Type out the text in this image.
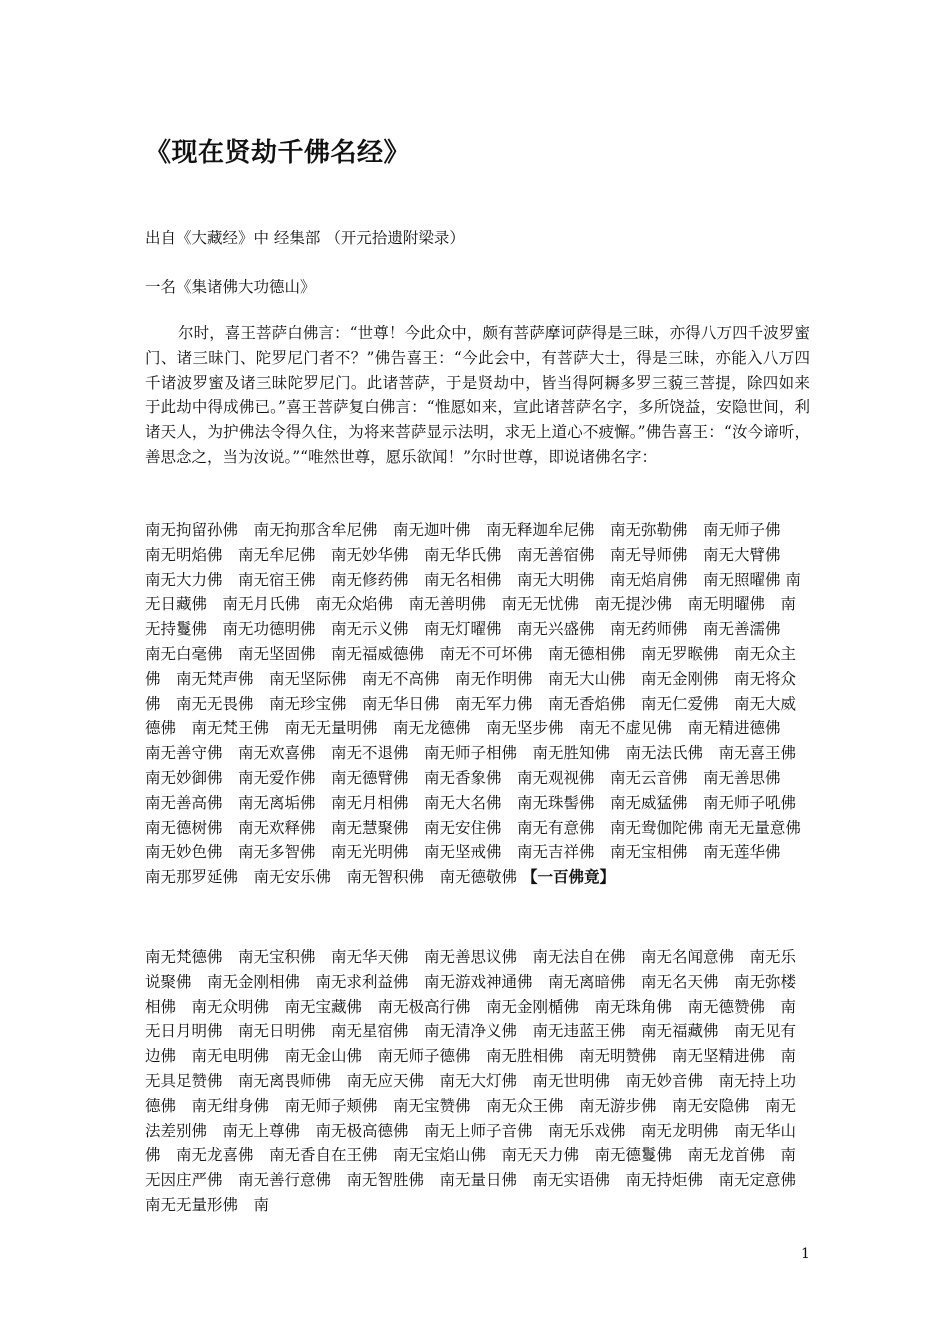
《现在贤劫千佛名经》
出自《大藏经》中 经集部 （开元拾遗附梁录）
一名《集诸佛大功德山》
尔时，喜王菩萨白佛言：“世尊！今此众中，颇有菩萨摩诃萨得是三昧，亦得八万四千波罗蜜门、诸三昧门、陀罗尼门者不？”佛告喜王：“今此会中，有菩萨大士，得是三昧，亦能入八万四千诸波罗蜜及诸三昧陀罗尼门。此诸菩萨，于是贤劫中，皆当得阿耨多罗三藐三菩提，除四如来于此劫中得成佛已。”喜王菩萨复白佛言：“惟愿如来，宣此诸菩萨名字，多所饶益，安隐世间，利诸天人，为护佛法令得久住，为将来菩萨显示法明，求无上道心不疲懈。”佛告喜王：“汝今谛听，善思念之，当为汝说。”“唯然世尊，愿乐欲闻！”尔时世尊，即说诸佛名字：
南无拘留孙佛　南无拘那含牟尼佛　南无迦叶佛　南无释迦牟尼佛　南无弥勒佛　南无师子佛　南无明焰佛　南无牟尼佛　南无妙华佛　南无华氏佛　南无善宿佛　南无导师佛　南无大臂佛　南无大力佛　南无宿王佛　南无修药佛　南无名相佛　南无大明佛　南无焰肩佛　南无照曜佛 南无日藏佛　南无月氏佛　南无众焰佛　南无善明佛　南无无忧佛　南无提沙佛　南无明曜佛　南无持鬘佛　南无功德明佛　南无示义佛　南无灯曜佛　南无兴盛佛　南无药师佛　南无善濡佛　南无白毫佛　南无坚固佛　南无福威德佛　南无不可坏佛　南无德相佛　南无罗睺佛　南无众主佛　南无梵声佛　南无坚际佛　南无不高佛　南无作明佛　南无大山佛　南无金刚佛　南无将众佛　南无无畏佛　南无珍宝佛　南无华日佛　南无军力佛　南无香焰佛　南无仁爱佛　南无大威德佛　南无梵王佛　南无无量明佛　南无龙德佛　南无坚步佛　南无不虚见佛　南无精进德佛　南无善守佛　南无欢喜佛　南无不退佛　南无师子相佛　南无胜知佛　南无法氏佛　南无喜王佛　南无妙御佛　南无爱作佛　南无德臂佛　南无香象佛　南无观视佛　南无云音佛　南无善思佛　南无善高佛　南无离垢佛　南无月相佛　南无大名佛　南无珠髻佛　南无威猛佛　南无师子吼佛　南无德树佛　南无欢释佛　南无慧聚佛　南无安住佛　南无有意佛　南无鸯伽陀佛 南无无量意佛　南无妙色佛　南无多智佛　南无光明佛　南无坚戒佛　南无吉祥佛　南无宝相佛　南无莲华佛　南无那罗延佛　南无安乐佛　南无智积佛　南无德敬佛 【一百佛竟】
南无梵德佛　南无宝积佛　南无华天佛　南无善思议佛　南无法自在佛　南无名闻意佛　南无乐说聚佛　南无金刚相佛　南无求利益佛　南无游戏神通佛　南无离暗佛　南无名天佛　南无弥楼相佛　南无众明佛　南无宝藏佛　南无极高行佛　南无金刚楯佛　南无珠角佛　南无德赞佛　南无日月明佛　南无日明佛　南无星宿佛　南无清净义佛　南无违蓝王佛　南无福藏佛　南无见有边佛　南无电明佛　南无金山佛　南无师子德佛　南无胜相佛　南无明赞佛　南无坚精进佛　南无具足赞佛　南无离畏师佛　南无应天佛　南无大灯佛　南无世明佛　南无妙音佛　南无持上功德佛　南无绀身佛　南无师子颊佛　南无宝赞佛　南无众王佛　南无游步佛　南无安隐佛　南无法差别佛　南无上尊佛　南无极高德佛　南无上师子音佛　南无乐戏佛　南无龙明佛　南无华山佛　南无龙喜佛　南无香自在王佛　南无宝焰山佛　南无天力佛　南无德鬘佛　南无龙首佛　南无因庄严佛　南无善行意佛　南无智胜佛　南无量日佛　南无实语佛　南无持炬佛　南无定意佛　南无无量形佛　南
1
